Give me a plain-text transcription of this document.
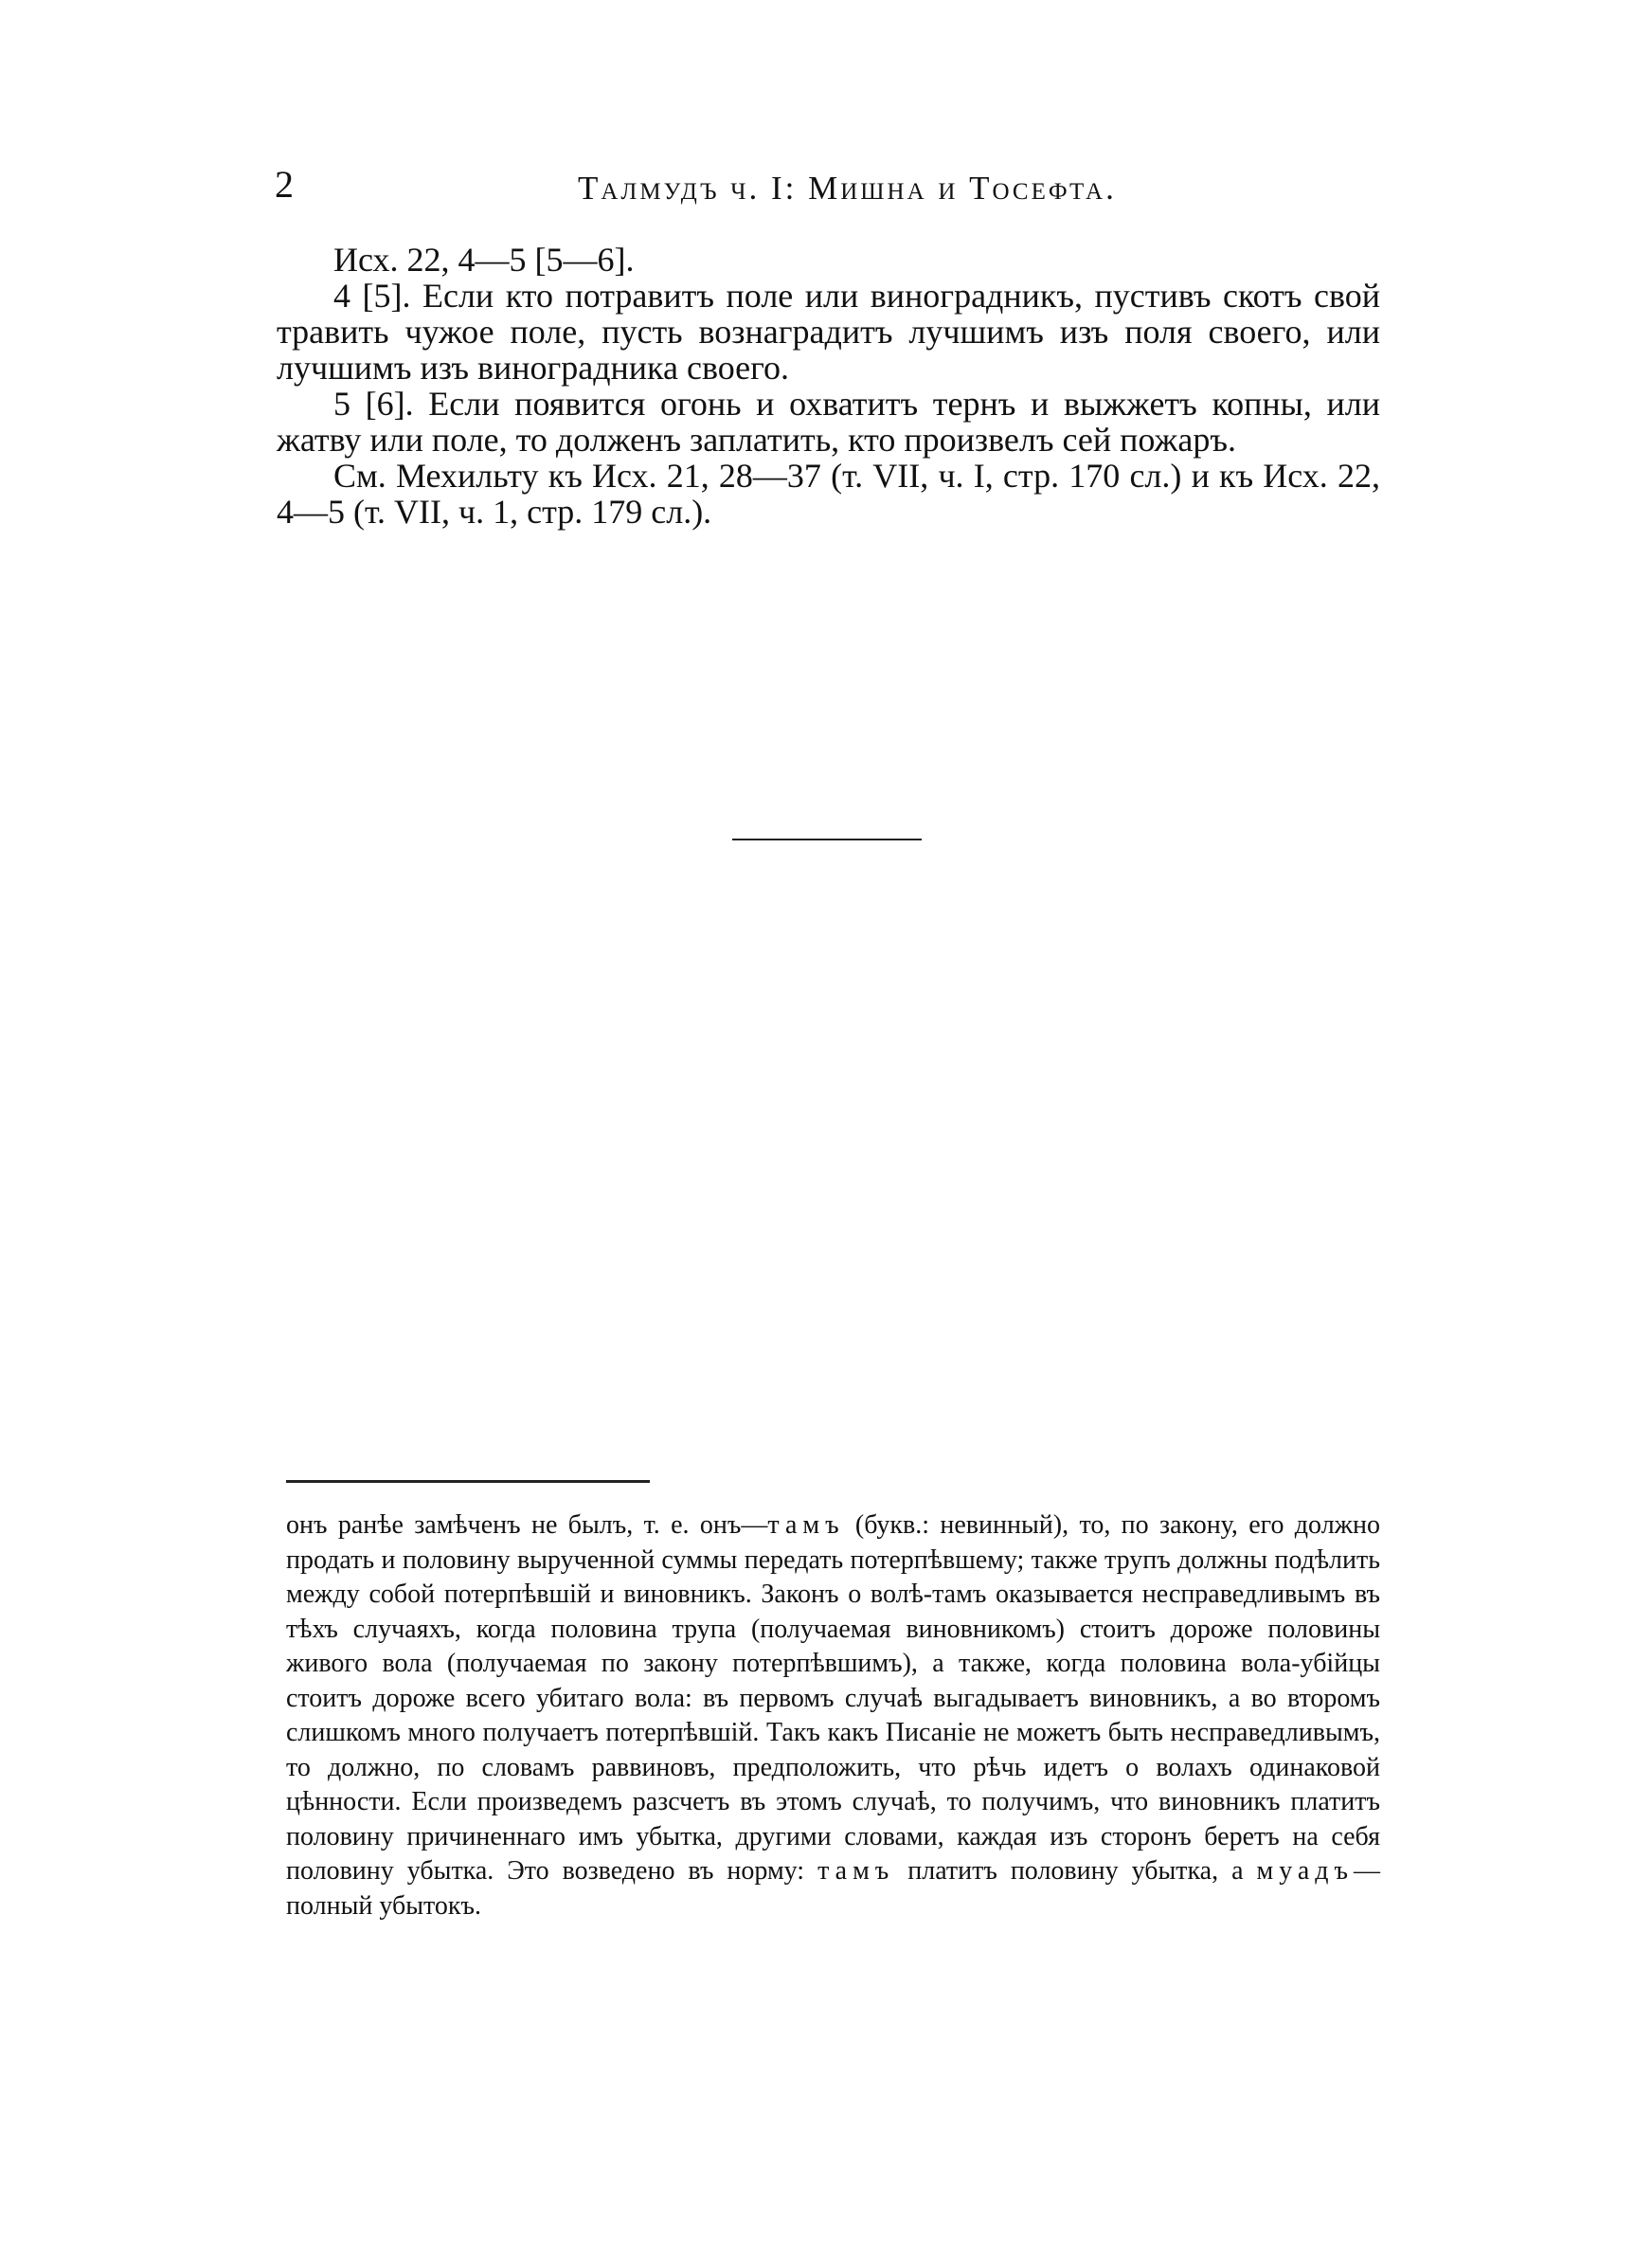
2	Талмудъ ч. I: Мишна и Тосефта.

Исх. 22, 4—5 [5—6].

4 [5]. Если кто потравитъ поле или виноградникъ, пустивъ скотъ свой травить чужое поле, пусть вознаградитъ лучшимъ изъ поля своего, или лучшимъ изъ виноградника своего.

5 [6]. Если появится огонь и охватитъ тернъ и выжжетъ копны, или жатву или поле, то долженъ заплатить, кто произвелъ сей пожаръ.

См. Мехильту къ Исх. 21, 28—37 (т. VII, ч. I, стр. 170 сл.) и къ Исх. 22, 4—5 (т. VII, ч. 1, стр. 179 сл.).

онъ ранѣе замѣченъ не былъ, т. е. онъ—тамъ (букв.: невинный), то, по закону, его должно продать и половину вырученной суммы передать потерпѣвшему; также трупъ должны подѣлить между собой потерпѣвшій и виновникъ. Законъ о волѣ-тамъ оказывается несправедливымъ въ тѣхъ случаяхъ, когда половина трупа (получаемая виновникомъ) стоитъ дороже половины живого вола (получаемая по закону потерпѣвшимъ), а также, когда половина вола-убійцы стоитъ дороже всего убитаго вола: въ первомъ случаѣ выгадываетъ виновникъ, а во второмъ слишкомъ много получаетъ потерпѣвшій. Такъ какъ Писаніе не можетъ быть несправедливымъ, то должно, по словамъ раввиновъ, предположить, что рѣчь идетъ о волахъ одинаковой цѣнности. Если произведемъ разсчетъ въ этомъ случаѣ, то получимъ, что виновникъ платитъ половину причиненнаго имъ убытка, другими словами, каждая изъ сторонъ беретъ на себя половину убытка. Это возведено въ норму: тамъ платитъ половину убытка, а муадъ—полный убытокъ.
